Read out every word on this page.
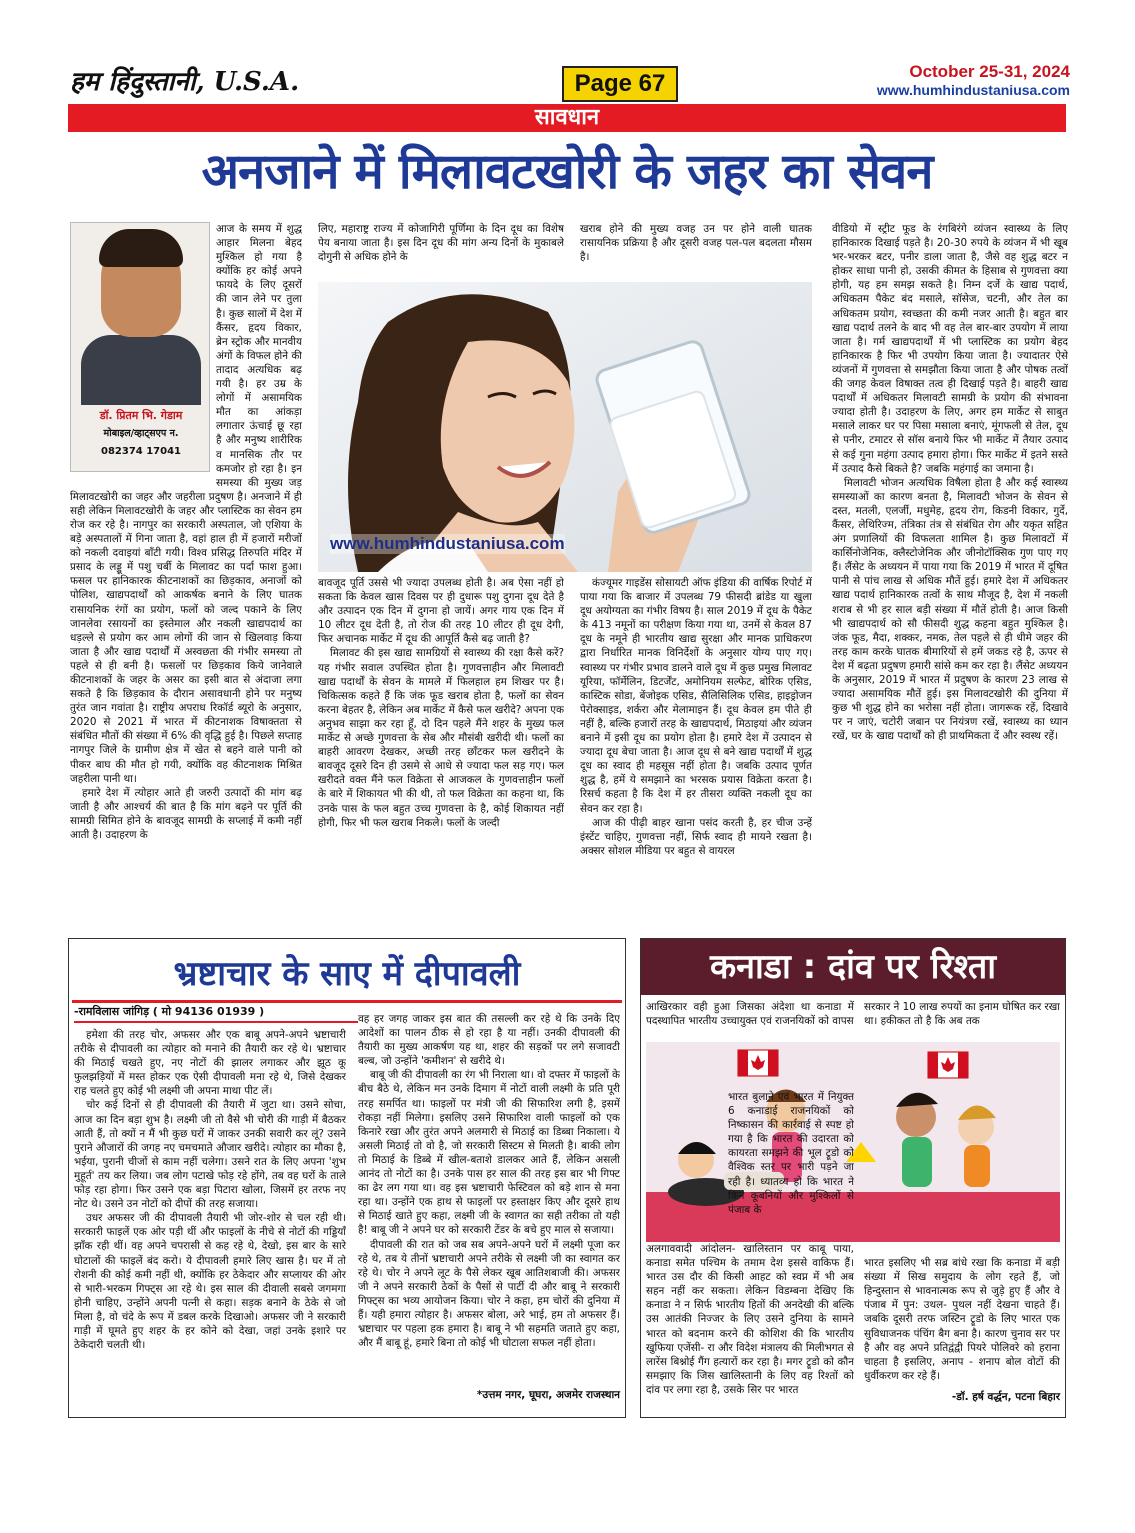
हम हिंदुस्तानी, U.S.A.	Page 67	October 25-31, 2024
www.humhindustaniusa.com
सावधान
अनजाने में मिलावटखोरी के जहर का सेवन
डॉ. प्रितम भि. गेडाम
मोबाइल/व्हाट्सएप न.
082374 17041

आज के समय में शुद्ध आहार मिलना बेहद मुश्किल हो गया है क्योंकि हर कोई अपने फायदे के लिए दूसरों की जान लेने पर तुला है। कुछ सालों में देश में कैंसर, हृदय विकार, ब्रेन स्ट्रोक और मानवीय अंगों के विफल होने की तादाद अत्यधिक बढ़ गयी है। हर उम्र के लोगों में असामयिक मौत का आंकड़ा लगातार ऊंचाई छू रहा है और मनुष्य शारीरिक व मानसिक तौर पर कमजोर हो रहा है। इन समस्या की मुख्य जड़ मिलावटखोरी का जहर और जहरीला प्रदुषण है। अनजाने में ही सही लेकिन मिलावटखोरी के जहर और प्लास्टिक का सेवन हम रोज कर रहे है। नागपुर का सरकारी अस्पताल, जो एशिया के बड़े अस्पतालों में गिना जाता है, वहां हाल ही में हजारों मरीजों को नकली दवाइयां बाँटी गयी। विश्व प्रसिद्ध तिरुपति मंदिर में प्रसाद के लड्डू में पशु चर्बी के मिलावट का पर्दा फाश हुआ। फसल पर हानिकारक कीटनाशकों का छिड़काव, अनाजों को पोलिश, खाद्यपदार्थों को आकर्षक बनाने के लिए घातक रासायनिक रंगों का प्रयोग, फलों को जल्द पकाने के लिए जानलेवा रसायनों का इस्तेमाल और नकली खाद्यपदार्थ का धड़ल्ले से प्रयोग कर आम लोगों की जान से खिलवाड़ किया जाता है और खाद्य पदार्थों में अस्वछता की गंभीर समस्या तो पहले से ही बनी है। फसलों पर छिड़काव किये जानेवाले कीटनाशकों के जहर के असर का इसी बात से अंदाजा लगा सकते है कि छिड़काव के दौरान असावधानी होने पर मनुष्य तुरंत जान गवांता है। राष्ट्रीय अपराध रिकॉर्ड ब्यूरो के अनुसार, 2020 से 2021 में भारत में कीटनाशक विषाक्तता से संबंधित मौतों की संख्या में 6% की वृद्धि हुई है। पिछले सप्ताह नागपुर जिले के ग्रामीण क्षेत्र में खेत से बहने वाले पानी को पीकर बाघ की मौत हो गयी, क्योंकि वह कीटनाशक मिश्रित जहरीला पानी था।

हमारे देश में त्योहार आते ही जरुरी उत्पादों की मांग बढ़ जाती है और आश्चर्य की बात है कि मांग बढ़ने पर पूर्ति की सामग्री सिमित होने के बावजूद सामग्री के सप्लाई में कमी नहीं आती है। उदाहरण के

लिए, महाराष्ट्र राज्य में कोजागिरी पूर्णिमा के दिन दूध का विशेष पेय बनाया जाता है। इस दिन दूध की मांग अन्य दिनों के मुकाबले दोगुनी से अधिक होने के

www.humhindustaniusa.com

बावजूद पूर्ति उससे भी ज्यादा उपलब्ध होती है। अब ऐसा नहीं हो सकता कि केवल खास दिवस पर ही दुधारू पशु दुगना दूध देते है और उत्पादन एक दिन में दुगना हो जायें। अगर गाय एक दिन में 10 लीटर दूध देती है, तो रोज की तरह 10 लीटर ही दूध देगी, फिर अचानक मार्केट में दूध की आपूर्ति कैसे बढ़ जाती है?

मिलावट की इस खाद्य सामग्रियों से स्वास्थ्य की रक्षा कैसे करें? यह गंभीर सवाल उपस्थित होता है। गुणवत्ताहीन और मिलावटी खाद्य पदार्थों के सेवन के मामले में फिलहाल हम शिखर पर है। चिकित्सक कहते हैं कि जंक फूड खराब होता है, फलों का सेवन करना बेहतर है, लेकिन अब मार्केट में कैसे फल खरीदे? अपना एक अनुभव साझा कर रहा हूँ, दो दिन पहले मैंने शहर के मुख्य फल मार्केट से अच्छे गुणवत्ता के सेब और मौसंबी खरीदी थी। फलों का बाहरी आवरण देखकर, अच्छी तरह छाँटकर फल खरीदने के बावजूद दूसरे दिन ही उसमे से आधे से ज्यादा फल सड़ गए। फल खरीदते वक्त मैंने फल विक्रेता से आजकल के गुणवत्ताहीन फलों के बारे में शिकायत भी की थी, तो फल विक्रेता का कहना था, कि उनके पास के फल बहुत उच्च गुणवत्ता के है, कोई शिकायत नहीं होगी, फिर भी फल खराब निकले। फलों के जल्दी

खराब होने की मुख्य वजह उन पर होने वाली घातक रासायनिक प्रक्रिया है और दूसरी वजह पल-पल बदलता मौसम है।

कंज्यूमर गाइडेंस सोसायटी ऑफ इंडिया की वार्षिक रिपोर्ट में पाया गया कि बाजार में उपलब्ध 79 फीसदी ब्रांडेड या खुला दूध अयोग्यता का गंभीर विषय है। साल 2019 में दूध के पैकेट के 413 नमूनों का परीक्षण किया गया था, उनमें से केवल 87 दूध के नमूने ही भारतीय खाद्य सुरक्षा और मानक प्राधिकरण द्वारा निर्धारित मानक विनिर्देशों के अनुसार योग्य पाए गए। स्वास्थ्य पर गंभीर प्रभाव डालने वाले दूध में कुछ प्रमुख मिलावट यूरिया, फॉर्मेलिन, डिटर्जेंट, अमोनियम सल्फेट, बोरिक एसिड, कास्टिक सोडा, बेंजोइक एसिड, सैलिसिलिक एसिड, हाइड्रोजन पेरोक्साइड, शर्करा और मेलामाइन हैं। दूध केवल हम पीते ही नहीं है, बल्कि हजारों तरह के खाद्यपदार्थ, मिठाइयां और व्यंजन बनाने में इसी दूध का प्रयोग होता है। हमारे देश में उत्पादन से ज्यादा दूध बेचा जाता है। आज दूध से बने खाद्य पदार्थों में शुद्ध दूध का स्वाद ही महसूस नहीं होता है। जबकि उत्पाद पूर्णत शुद्ध है, हमें ये समझाने का भरसक प्रयास विक्रेता करता है। रिसर्च कहता है कि देश में हर तीसरा व्यक्ति नकली दूध का सेवन कर रहा है।

आज की पीढ़ी बाहर खाना पसंद करती है, हर चीज उन्हें इंस्टेंट चाहिए, गुणवत्ता नहीं, सिर्फ स्वाद ही मायने रखता है। अक्सर सोशल मीडिया पर बहुत से वायरल

वीडियो में स्ट्रीट फूड के रंगबिरंगे व्यंजन स्वास्थ्य के लिए हानिकारक दिखाई पड़ते है। 20-30 रुपये के व्यंजन में भी खूब भर-भरकर बटर, पनीर डाला जाता है, जैसे वह शुद्ध बटर न होकर साधा पानी हो, उसकी कीमत के हिसाब से गुणवत्ता क्या होगी, यह हम समझ सकते है। निम्न दर्जे के खाद्य पदार्थ, अधिकतम पैकेट बंद मसाले, सॉसेज, चटनी, और तेल का अधिकतम प्रयोग, स्वच्छता की कमी नजर आती है। बहुत बार खाद्य पदार्थ तलने के बाद भी वह तेल बार-बार उपयोग में लाया जाता है। गर्म खाद्यपदार्थों में भी प्लास्टिक का प्रयोग बेहद हानिकारक है फिर भी उपयोग किया जाता है। ज्यादातर ऐसे व्यंजनों में गुणवत्ता से समझौता किया जाता है और पोषक तत्वों की जगह केवल विषाक्त तत्व ही दिखाई पड़ते है। बाहरी खाद्य पदार्थों में अधिकतर मिलावटी सामग्री के प्रयोग की संभावना ज्यादा होती है। उदाहरण के लिए, अगर हम मार्केट से साबुत मसाले लाकर घर पर पिसा मसाला बनाएं, मूंगफली से तेल, दूध से पनीर, टमाटर से सॉस बनाये फिर भी मार्केट में तैयार उत्पाद से कई गुना महंगा उत्पाद हमारा होगा। फिर मार्केट में इतने सस्ते में उत्पाद कैसे बिकते है? जबकि महंगाई का जमाना है।

मिलावटी भोजन अत्यधिक विषैला होता है और कई स्वास्थ्य समस्याओं का कारण बनता है, मिलावटी भोजन के सेवन से दस्त, मतली, एलर्जी, मधुमेह, हृदय रोग, किडनी विकार, गुर्दे, कैंसर, लेथिरिज्म, तंत्रिका तंत्र से संबंधित रोग और यकृत सहित अंग प्रणालियों की विफलता शामिल है। कुछ मिलावटों में कार्सिनोजेनिक, क्लैस्टोजेनिक और जीनोटॉक्सिक गुण पाए गए हैं। लैंसेट के अध्ययन में पाया गया कि 2019 में भारत में दूषित पानी से पांच लाख से अधिक मौतें हुई। हमारे देश में अधिकतर खाद्य पदार्थ हानिकारक तत्वों के साथ मौजूद है, देश में नकली शराब से भी हर साल बड़ी संख्या में मौतें होती है। आज किसी भी खाद्यपदार्थ को सौ फीसदी शुद्ध कहना बहुत मुश्किल है। जंक फूड, मैदा, शक्कर, नमक, तेल पहले से ही धीमे जहर की तरह काम करके घातक बीमारियों से हमें जकड रहे है, ऊपर से देश में बढ़ता प्रदुषण हमारी सांसे कम कर रहा है। लैंसेट अध्ययन के अनुसार, 2019 में भारत में प्रदुषण के कारण 23 लाख से ज्यादा असामयिक मौतें हुई। इस मिलावटखोरी की दुनिया में कुछ भी शुद्ध होने का भरोसा नहीं होता। जागरूक रहें, दिखावे पर न जाएं, चटोरी जबान पर नियंत्रण रखें, स्वास्थ्य का ध्यान रखें, घर के खाद्य पदार्थों को ही प्राथमिकता दें और स्वस्थ रहें।

भ्रष्टाचार के साए में दीपावली
-रामविलास जांगिड़ ( मो 94136 01939 )

हमेशा की तरह चोर, अफसर और एक बाबू अपने-अपने भ्रष्टाचारी तरीके से दीपावली का त्योहार को मनाने की तैयारी कर रहे थे। भ्रष्टाचार की मिठाई चखते हुए, नए नोटों की झालर लगाकर और झूठ कू फुलझड़ियों में मस्त होकर एक ऐसी दीपावली मना रहे थे, जिसे देखकर राह चलते हुए कोई भी लक्ष्मी जी अपना माथा पीट लें।

चोर कई दिनों से ही दीपावली की तैयारी में जुटा था। उसने सोचा, आज का दिन बड़ा शुभ है। लक्ष्मी जी तो वैसे भी चोरी की गाड़ी में बैठकर आती हैं, तो क्यों न मैं भी कुछ घरों में जाकर उनकी सवारी कर लूं? उसने पुराने औजारों की जगह नए चमचमाते औजार खरीदे। त्योहार का मौका है, भईया, पुरानी चीजों से काम नहीं चलेगा। उसने रात के लिए अपना 'शुभ मुहूर्त' तय कर लिया। जब लोग पटाखे फोड़ रहे होंगे, तब वह घरों के ताले फोड़ रहा होगा। फिर उसने एक बड़ा पिटारा खोला, जिसमें हर तरफ नए नोट थे। उसने उन नोटों को दीपों की तरह सजाया।

उधर अफसर जी की दीपावली तैयारी भी जोर-शोर से चल रही थी। सरकारी फाइलें एक ओर पड़ी थीं और फाइलों के नीचे से नोटों की गड्डियाँ झाँक रही थीं। वह अपने चपरासी से कह रहे थे, देखो, इस बार के सारे घोटालों की फाइलें बंद करो। ये दीपावली हमारे लिए खास है। घर में तो रोशनी की कोई कमी नहीं थी, क्योंकि हर ठेकेदार और सप्लायर की ओर से भारी-भरकम गिफ्ट्स आ रहे थे। इस साल की दीवाली सबसे जगमगा होनी चाहिए, उन्होंने अपनी पत्नी से कहा। सड़क बनाने के ठेके से जो मिला है, वो चंदे के रूप में डबल करके दिखाओ। अफसर जी ने सरकारी गाड़ी में घूमते हुए शहर के हर कोने को देखा, जहां उनके इशारे पर ठेकेदारी चलती थी।

वह हर जगह जाकर इस बात की तसल्ली कर रहे थे कि उनके दिए आदेशों का पालन ठीक से हो रहा है या नहीं। उनकी दीपावली की तैयारी का मुख्य आकर्षण यह था, शहर की सड़कों पर लगे सजावटी बल्ब, जो उन्होंने 'कमीशन' से खरीदे थे।

बाबू जी की दीपावली का रंग भी निराला था। वो दफ्तर में फाइलों के बीच बैठे थे, लेकिन मन उनके दिमाग में नोटों वाली लक्ष्मी के प्रति पूरी तरह समर्पित था। फाइलों पर मंत्री जी की सिफारिश लगी है, इसमें रोकड़ा नहीं मिलेगा। इसलिए उसने सिफारिश वाली फाइलों को एक किनारे रखा और तुरंत अपने अलमारी से मिठाई का डिब्बा निकाला। ये असली मिठाई तो वो है, जो सरकारी सिस्टम से मिलती है। बाकी लोग तो मिठाई के डिब्बे में खील-बताशे डालकर आते हैं, लेकिन असली आनंद तो नोटों का है। उनके पास हर साल की तरह इस बार भी गिफ्ट का ढेर लग गया था। वह इस भ्रष्टाचारी फेस्टिवल को बड़े शान से मना रहा था। उन्होंने एक हाथ से फाइलों पर हस्ताक्षर किए और दूसरे हाथ से मिठाई खाते हुए कहा, लक्ष्मी जी के स्वागत का सही तरीका तो यही है! बाबू जी ने अपने घर को सरकारी टेंडर के बचे हुए माल से सजाया।

दीपावली की रात को जब सब अपने-अपने घरों में लक्ष्मी पूजा कर रहे थे, तब ये तीनों भ्रष्टाचारी अपने तरीके से लक्ष्मी जी का स्वागत कर रहे थे। चोर ने अपने लूट के पैसे लेकर खूब आतिशबाजी की। अफसर जी ने अपने सरकारी ठेकों के पैसों से पार्टी दी और बाबू ने सरकारी गिफ्ट्स का भव्य आयोजन किया। चोर ने कहा, हम चोरों की दुनिया में हैं। यही हमारा त्योहार है। अफसर बोला, अरे भाई, हम तो अफसर हैं। भ्रष्टाचार पर पहला हक हमारा है। बाबू ने भी सहमति जताते हुए कहा, और मैं बाबू हूं, हमारे बिना तो कोई भी घोटाला सफल नहीं होता।

*उत्तम नगर, घूघरा, अजमेर राजस्थान
कनाडा : दांव पर रिश्ता

आखिरकार वही हुआ जिसका अंदेशा था कनाडा में पदस्थापित भारतीय उच्चायुक्त एवं राजनयिकों को वापस

सरकार ने 10 लाख रुपयों का इनाम घोषित कर रखा था। हकीकत तो है कि अब तक

भारत बुलाने एवं भारत में नियुक्त 6 कनाडाई राजनयिकों को निष्कासन की कार्रवाई से स्पष्ट हो गया है कि भारत की उदारता को कायरता समझने की भूल ट्रूडो को वैश्विक स्तर पर भारी पड़ने जा रही है। ध्यातव्य हो कि भारत ने किन कूबनियों और मुश्किलों से पंजाब के

अलगाववादी आंदोलन- खालिस्तान पर काबू पाया, कनाडा समेत पश्चिम के तमाम देश इससे वाकिफ हैं। भारत उस दौर की किसी आहट को स्वप्न में भी अब सहन नहीं कर सकता। लेकिन विडम्बना देखिए कि कनाडा ने न सिर्फ भारतीय हितों की अनदेखी की बल्कि उस आतंकी निज्जर के लिए उसने दुनिया के सामने भारत को बदनाम करने की कोशिश की कि भारतीय खुफिया एजेंसी- रा और विदेश मंत्रालय की मिलीभगत से लारेंस बिश्नोई गैंग हत्यारों कर रहा है। मगर ट्रूडो को कौन समझाए कि जिस खालिस्तानी के लिए वह रिश्तों को दांव पर लगा रहा है, उसके सिर पर भारत

भारत इसलिए भी सब्र बांधे रखा कि कनाडा में बड़ी संख्या में सिख समुदाय के लोग रहते हैं, जो हिन्दुस्तान से भावनात्मक रूप से जुड़े हुए हैं और वे पंजाब में पुन: उथल- पुथल नहीं देखना चाहते हैं। जबकि दूसरी तरफ जस्टिन ट्रूडो के लिए भारत एक सुविधाजनक पंचिंग बैग बना है। कारण चुनाव सर पर है और वह अपने प्रतिद्वंद्वी पियरे पोलिवरे को हराना चाहता है इसलिए, अनाप - शनाप बोल वोटों की धुर्वीकरण कर रहे हैं।

-डॉ. हर्ष वर्द्धन, पटना बिहार
